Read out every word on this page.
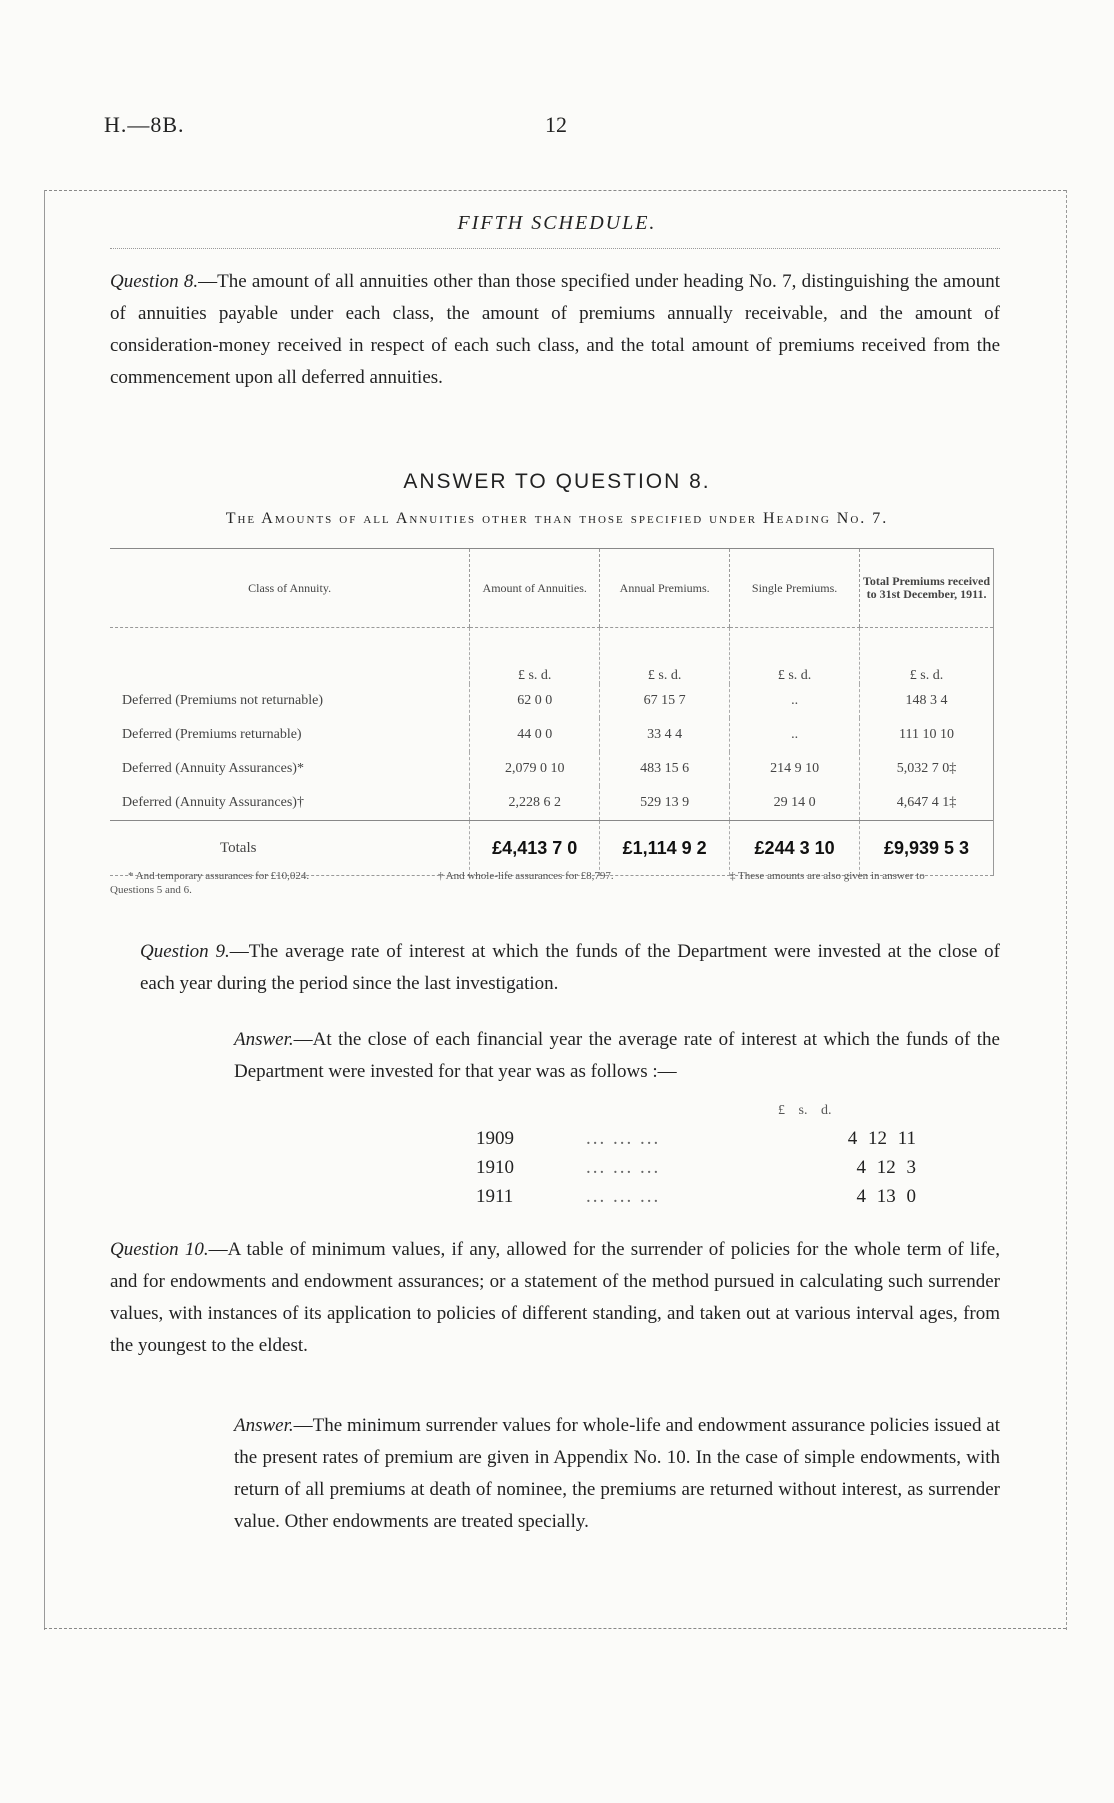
H.—8B.	12
FIFTH SCHEDULE.
Question 8.—The amount of all annuities other than those specified under heading No. 7, distinguishing the amount of annuities payable under each class, the amount of premiums annually receivable, and the amount of consideration-money received in respect of each such class, and the total amount of premiums received from the commencement upon all deferred annuities.
ANSWER TO QUESTION 8.
The Amounts of all Annuities other than those specified under Heading No. 7.
Class of Annuity.	Amount of Annuities.	Annual Premiums.	Single Premiums.	Total Premiums received to 31st December, 1911.
	£ s. d.	£ s. d.	£ s. d.	£ s. d.
Deferred (Premiums not returnable)	62 0 0	67 15 7	..	148 3 4
Deferred (Premiums returnable)	44 0 0	33 4 4	..	111 10 10
Deferred (Annuity Assurances)*	2,079 0 10	483 15 6	214 9 10	5,032 7 0‡
Deferred (Annuity Assurances)†	2,228 6 2	529 13 9	29 14 0	4,647 4 1‡
Totals	£4,413 7 0	£1,114 9 2	£244 3 10	£9,939 5 3
* And temporary assurances for £10,024.
Questions 5 and 6.
† And whole-life assurances for £8,797.	‡ These amounts are also given in answer to
Question 9.—The average rate of interest at which the funds of the Department were invested at the close of each year during the period since the last investigation.
Answer.—At the close of each financial year the average rate of interest at which the funds of the Department were invested for that year was as follows :—
£ s. d.
1909	... ... ...	4 12 11
1910	... ... ...	4 12 3
1911	... ... ...	4 13 0
Question 10.—A table of minimum values, if any, allowed for the surrender of policies for the whole term of life, and for endowments and endowment assurances; or a statement of the method pursued in calculating such surrender values, with instances of its application to policies of different standing, and taken out at various interval ages, from the youngest to the eldest.
Answer.—The minimum surrender values for whole-life and endowment assurance policies issued at the present rates of premium are given in Appendix No. 10. In the case of simple endowments, with return of all premiums at death of nominee, the premiums are returned without interest, as surrender value. Other endowments are treated specially.
